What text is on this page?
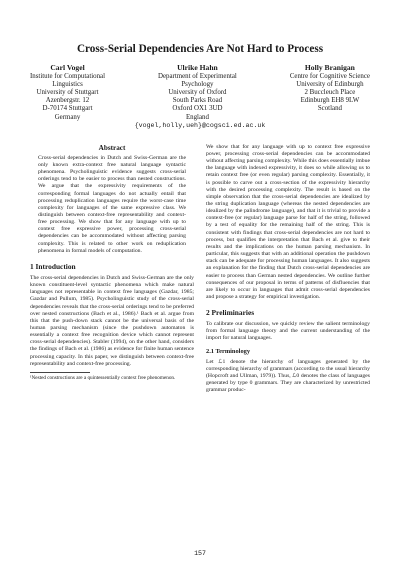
Cross-Serial Dependencies Are Not Hard to Process
Carl Vogel
Institute for Computational
Linguistics
University of Stuttgart
Azenbergstr. 12
D-70174 Stuttgart
Germany
Ulrike Hahn
Department of Experimental
Psychology
University of Oxford
South Parks Road
Oxford OX1 3UD
England
Holly Branigan
Centre for Cognitive Science
University of Edinburgh
2 Buccleuch Place
Edinburgh EH8 9LW
Scotland
{vogel,holly,ueh}@cogsci.ed.ac.uk
Abstract

Cross-serial dependencies in Dutch and Swiss-German are the only known extra-context free natural language syntactic phenomena. Psycholinguistic evidence suggests cross-serial orderings tend to be easier to process than nested constructions. We argue that the expressivity requirements of the corresponding formal languages do not actually entail that processing reduplication languages require the worst-case time complexity for languages of the same expressive class. We distinguish between context-free representability and context-free processing. We show that for any language with up to context free expressive power, processing cross-serial dependencies can be accommodated without affecting parsing complexity. This is related to other work on reduplication phenomena in formal models of computation.

1 Introduction

The cross-serial dependencies in Dutch and Swiss-German are the only known constituent-level syntactic phenomena which make natural languages not representable in context free languages (Gazdar, 1985; Gazdar and Pullum, 1985). Psycholinguistic study of the cross-serial dependencies reveals that the cross-serial orderings tend to be preferred over nested constructions (Bach et al., 1986).¹ Bach et al. argue from this that the push-down stack cannot be the universal basis of the human parsing mechanism (since the pushdown automaton is essentially a context free recognition device which cannot represent cross-serial dependencies). Stabler (1994), on the other hand, considers the findings of Bach et al. (1986) as evidence for finite human sentence processing capacity. In this paper, we distinguish between context-free representability and context-free processing.

¹Nested constructions are a quintessentially context free phenomenon.

We show that for any language with up to context free expressive power, processing cross-serial dependencies can be accommodated without affecting parsing complexity. While this does essentially imbue the language with indexed expressivity, it does so while allowing us to retain context free (or even regular) parsing complexity. Essentially, it is possible to carve out a cross-section of the expressivity hierarchy with the desired processing complexity. The result is based on the simple observation that the cross-serial dependencies are idealized by the string duplication language (whereas the nested dependencies are idealized by the palindrome language), and that it is trivial to provide a context-free (or regular) language parse for half of the string, followed by a test of equality for the remaining half of the string. This is consistent with findings that cross-serial dependencies are not hard to process, but qualifies the interpretation that Bach et al. give to their results and the implications on the human parsing mechanism. In particular, this suggests that with an additional operation the pushdown stack can be adequate for processing human languages. It also suggests an explanation for the finding that Dutch cross-serial dependencies are easier to process than German nested dependencies. We outline further consequences of our proposal in terms of patterns of disfluencies that are likely to occur in languages that admit cross-serial dependencies and propose a strategy for empirical investigation.

2 Preliminaries

To calibrate our discussion, we quickly review the salient terminology from formal language theory and the current understanding of the import for natural languages.

2.1 Terminology

Let ℒ1 denote the hierarchy of languages generated by the corresponding hierarchy of grammars (according to the usual hierarchy (Hopcroft and Ullman, 1979)). Thus, ℒ0 denotes the class of languages generated by type 0 grammars. They are characterized by unrestricted grammar produc-

157
